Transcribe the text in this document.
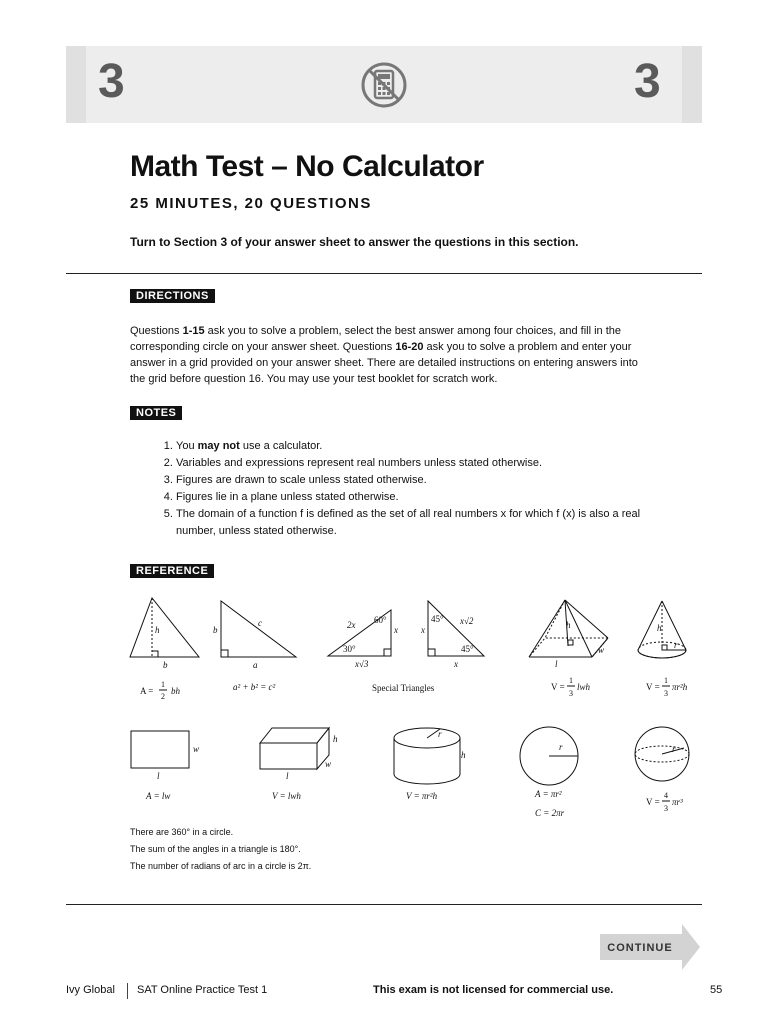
3	3
Math Test – No Calculator
25 MINUTES, 20 QUESTIONS
Turn to Section 3 of your answer sheet to answer the questions in this section.
DIRECTIONS
Questions 1-15 ask you to solve a problem, select the best answer among four choices, and fill in the corresponding circle on your answer sheet. Questions 16-20 ask you to solve a problem and enter your answer in a grid provided on your answer sheet. There are detailed instructions on entering answers into the grid before question 16. You may use your test booklet for scratch work.
NOTES
1. You may not use a calculator.
2. Variables and expressions represent real numbers unless stated otherwise.
3. Figures are drawn to scale unless stated otherwise.
4. Figures lie in a plane unless stated otherwise.
5. The domain of a function f is defined as the set of all real numbers x for which f (x) is also a real number, unless stated otherwise.
REFERENCE
h
b
b
c
a
2x 60°
x
30°
x√3
x
45° x√2
45°
x
Special Triangles
h
w
l
h
r
A =
1
2
bh	a² + b² = c²	V =
1
3
lwh	V =
1
3
πr²h
w
l
h
w
l
r
h
r	r
A = lw	V = lwh	V = πr²h	A = πr²
C = 2πr
V =
4
3
πr³
There are 360° in a circle.
The sum of the angles in a triangle is 180°.
The number of radians of arc in a circle is 2π.
CONTINUE
Ivy Global SAT Online Practice Test 1	This exam is not licensed for commercial use.	55
